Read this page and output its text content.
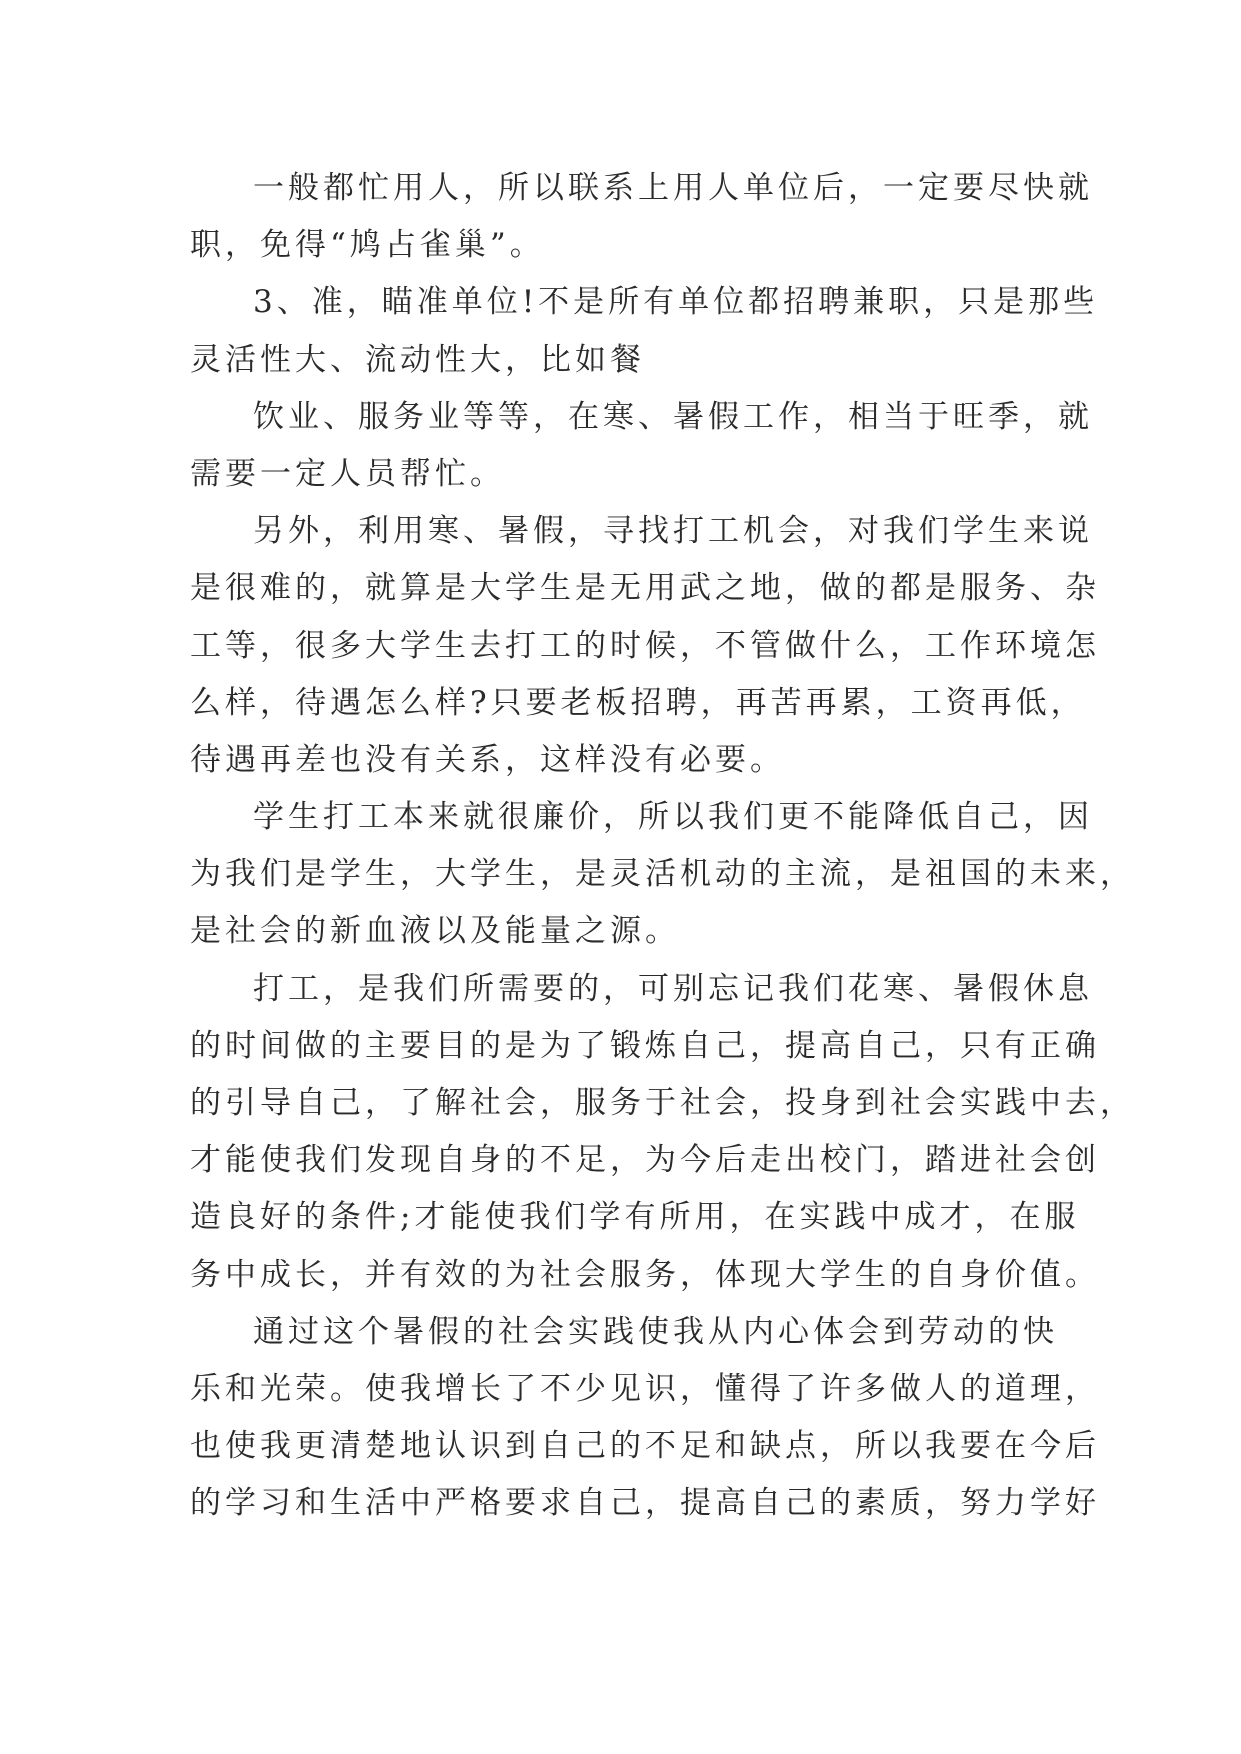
一般都忙用人，所以联系上用人单位后，一定要尽快就
职，免得“鸠占雀巢”。
3、准，瞄准单位!不是所有单位都招聘兼职，只是那些
灵活性大、流动性大，比如餐
饮业、服务业等等，在寒、暑假工作，相当于旺季，就
需要一定人员帮忙。
另外，利用寒、暑假，寻找打工机会，对我们学生来说
是很难的，就算是大学生是无用武之地，做的都是服务、杂
工等，很多大学生去打工的时候，不管做什么，工作环境怎
么样，待遇怎么样?只要老板招聘，再苦再累，工资再低，
待遇再差也没有关系，这样没有必要。
学生打工本来就很廉价，所以我们更不能降低自己，因
为我们是学生，大学生，是灵活机动的主流，是祖国的未来，
是社会的新血液以及能量之源。
打工，是我们所需要的，可别忘记我们花寒、暑假休息
的时间做的主要目的是为了锻炼自己，提高自己，只有正确
的引导自己，了解社会，服务于社会，投身到社会实践中去，
才能使我们发现自身的不足，为今后走出校门，踏进社会创
造良好的条件;才能使我们学有所用，在实践中成才，在服
务中成长，并有效的为社会服务，体现大学生的自身价值。
通过这个暑假的社会实践使我从内心体会到劳动的快
乐和光荣。使我增长了不少见识，懂得了许多做人的道理，
也使我更清楚地认识到自己的不足和缺点，所以我要在今后
的学习和生活中严格要求自己，提高自己的素质，努力学好
